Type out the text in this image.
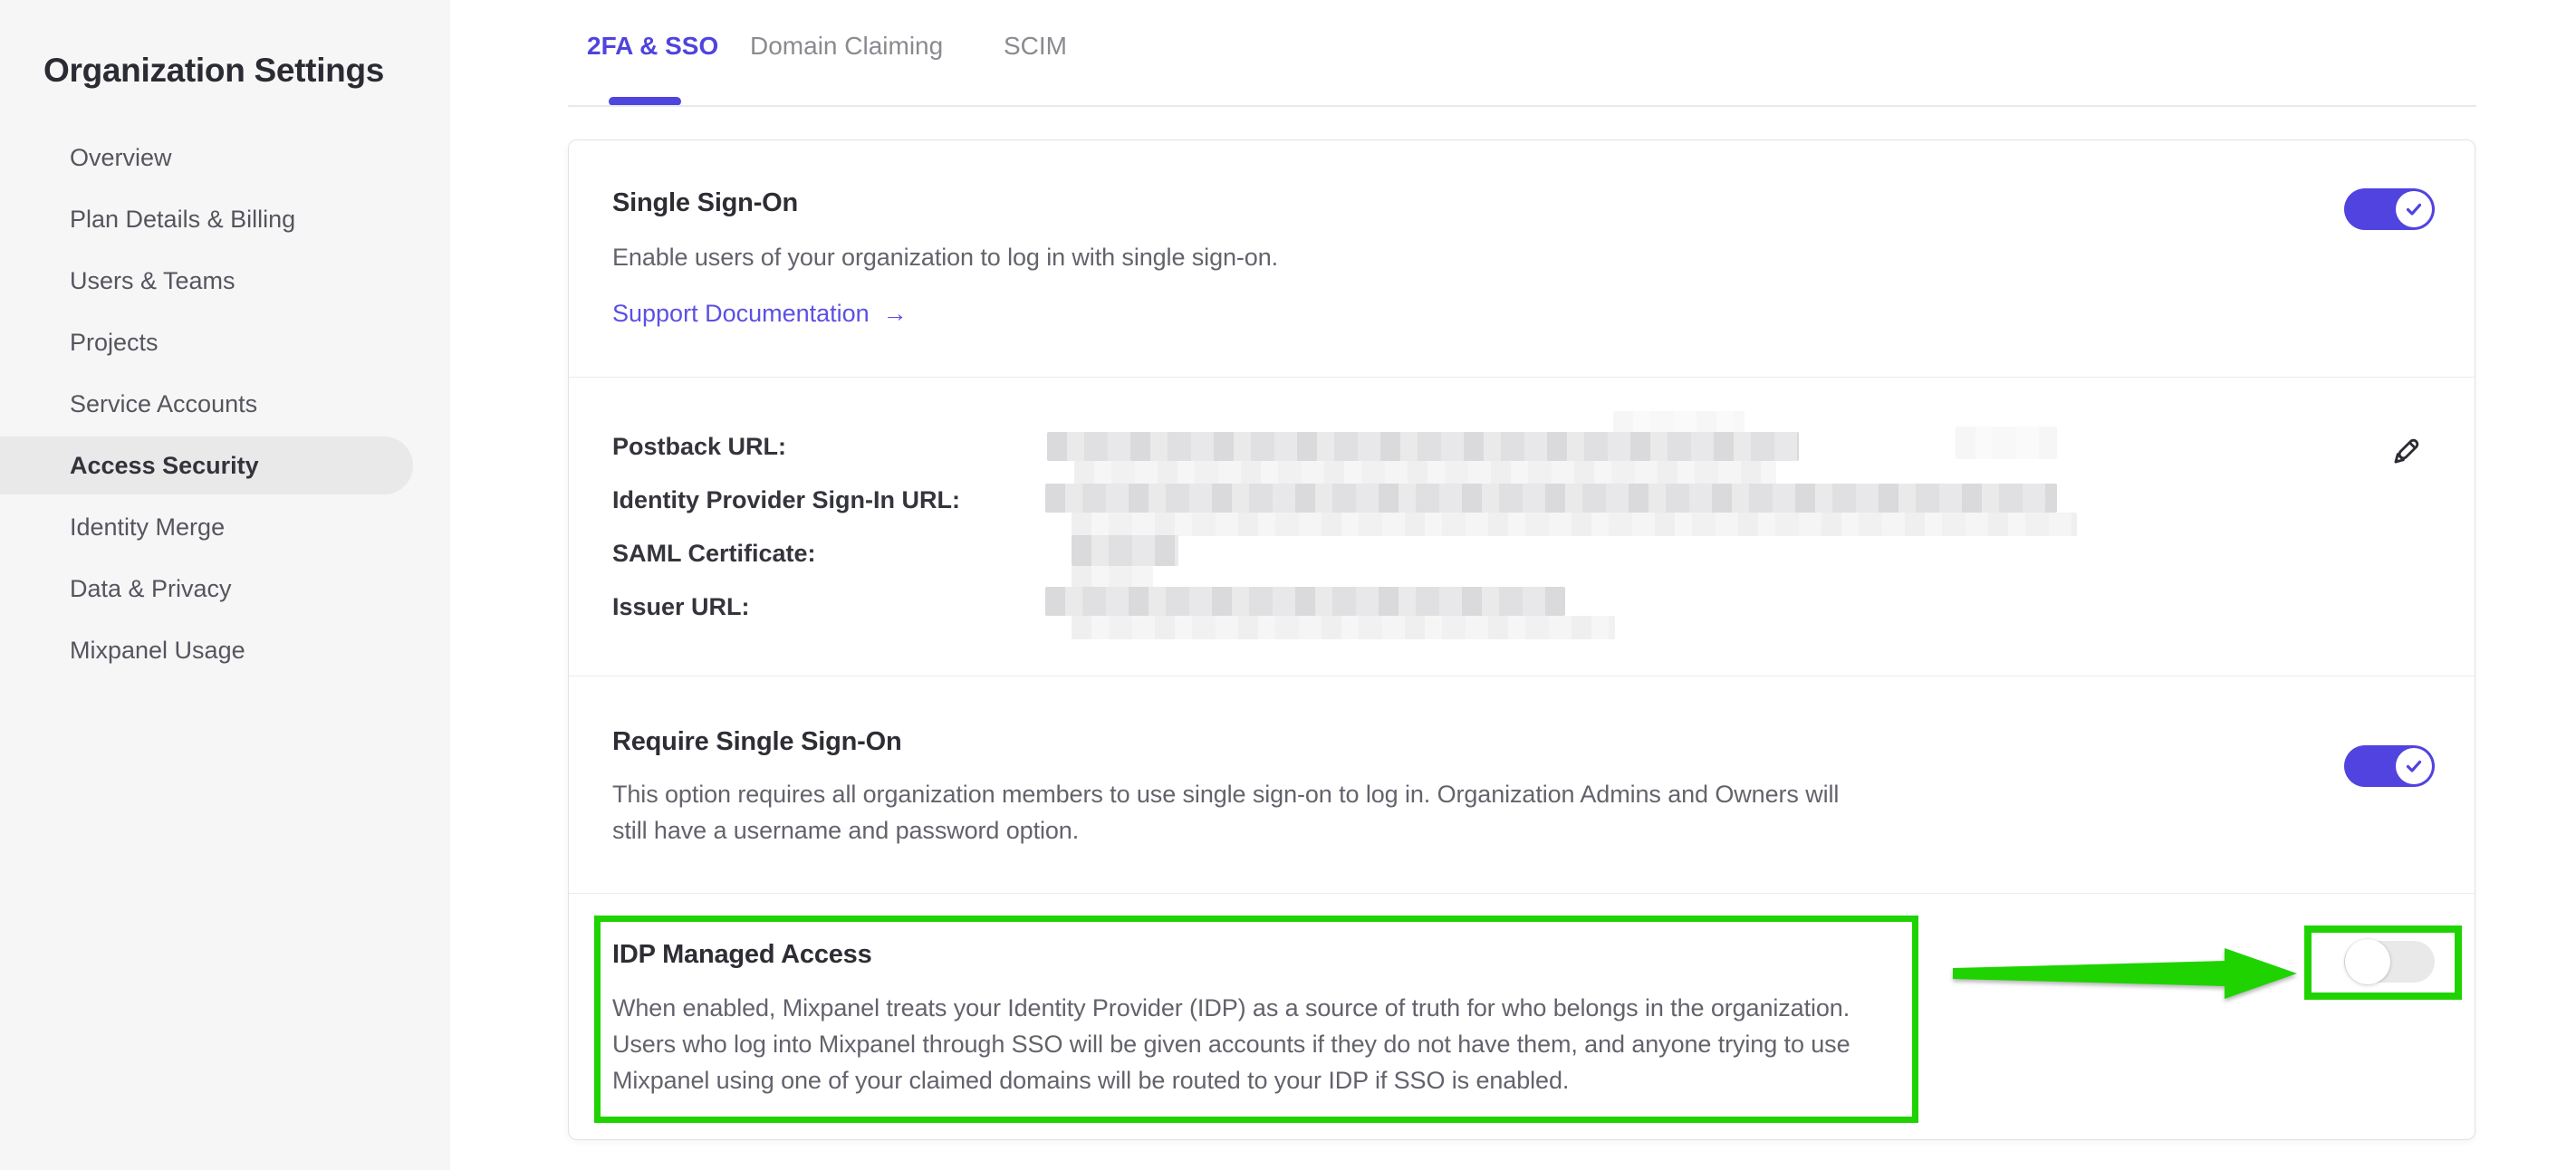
Organization Settings
Overview
Plan Details & Billing
Users & Teams
Projects
Service Accounts
Access Security
Identity Merge
Data & Privacy
Mixpanel Usage
2FA & SSO Domain Claiming SCIM
Single Sign-On
Enable users of your organization to log in with single sign-on.
Support Documentation →
Postback URL:
Identity Provider Sign-In URL:
SAML Certificate:
Issuer URL:
Require Single Sign-On
This option requires all organization members to use single sign-on to log in. Organization Admins and Owners will
still have a username and password option.
IDP Managed Access
When enabled, Mixpanel treats your Identity Provider (IDP) as a source of truth for who belongs in the organization.
Users who log into Mixpanel through SSO will be given accounts if they do not have them, and anyone trying to use
Mixpanel using one of your claimed domains will be routed to your IDP if SSO is enabled.
